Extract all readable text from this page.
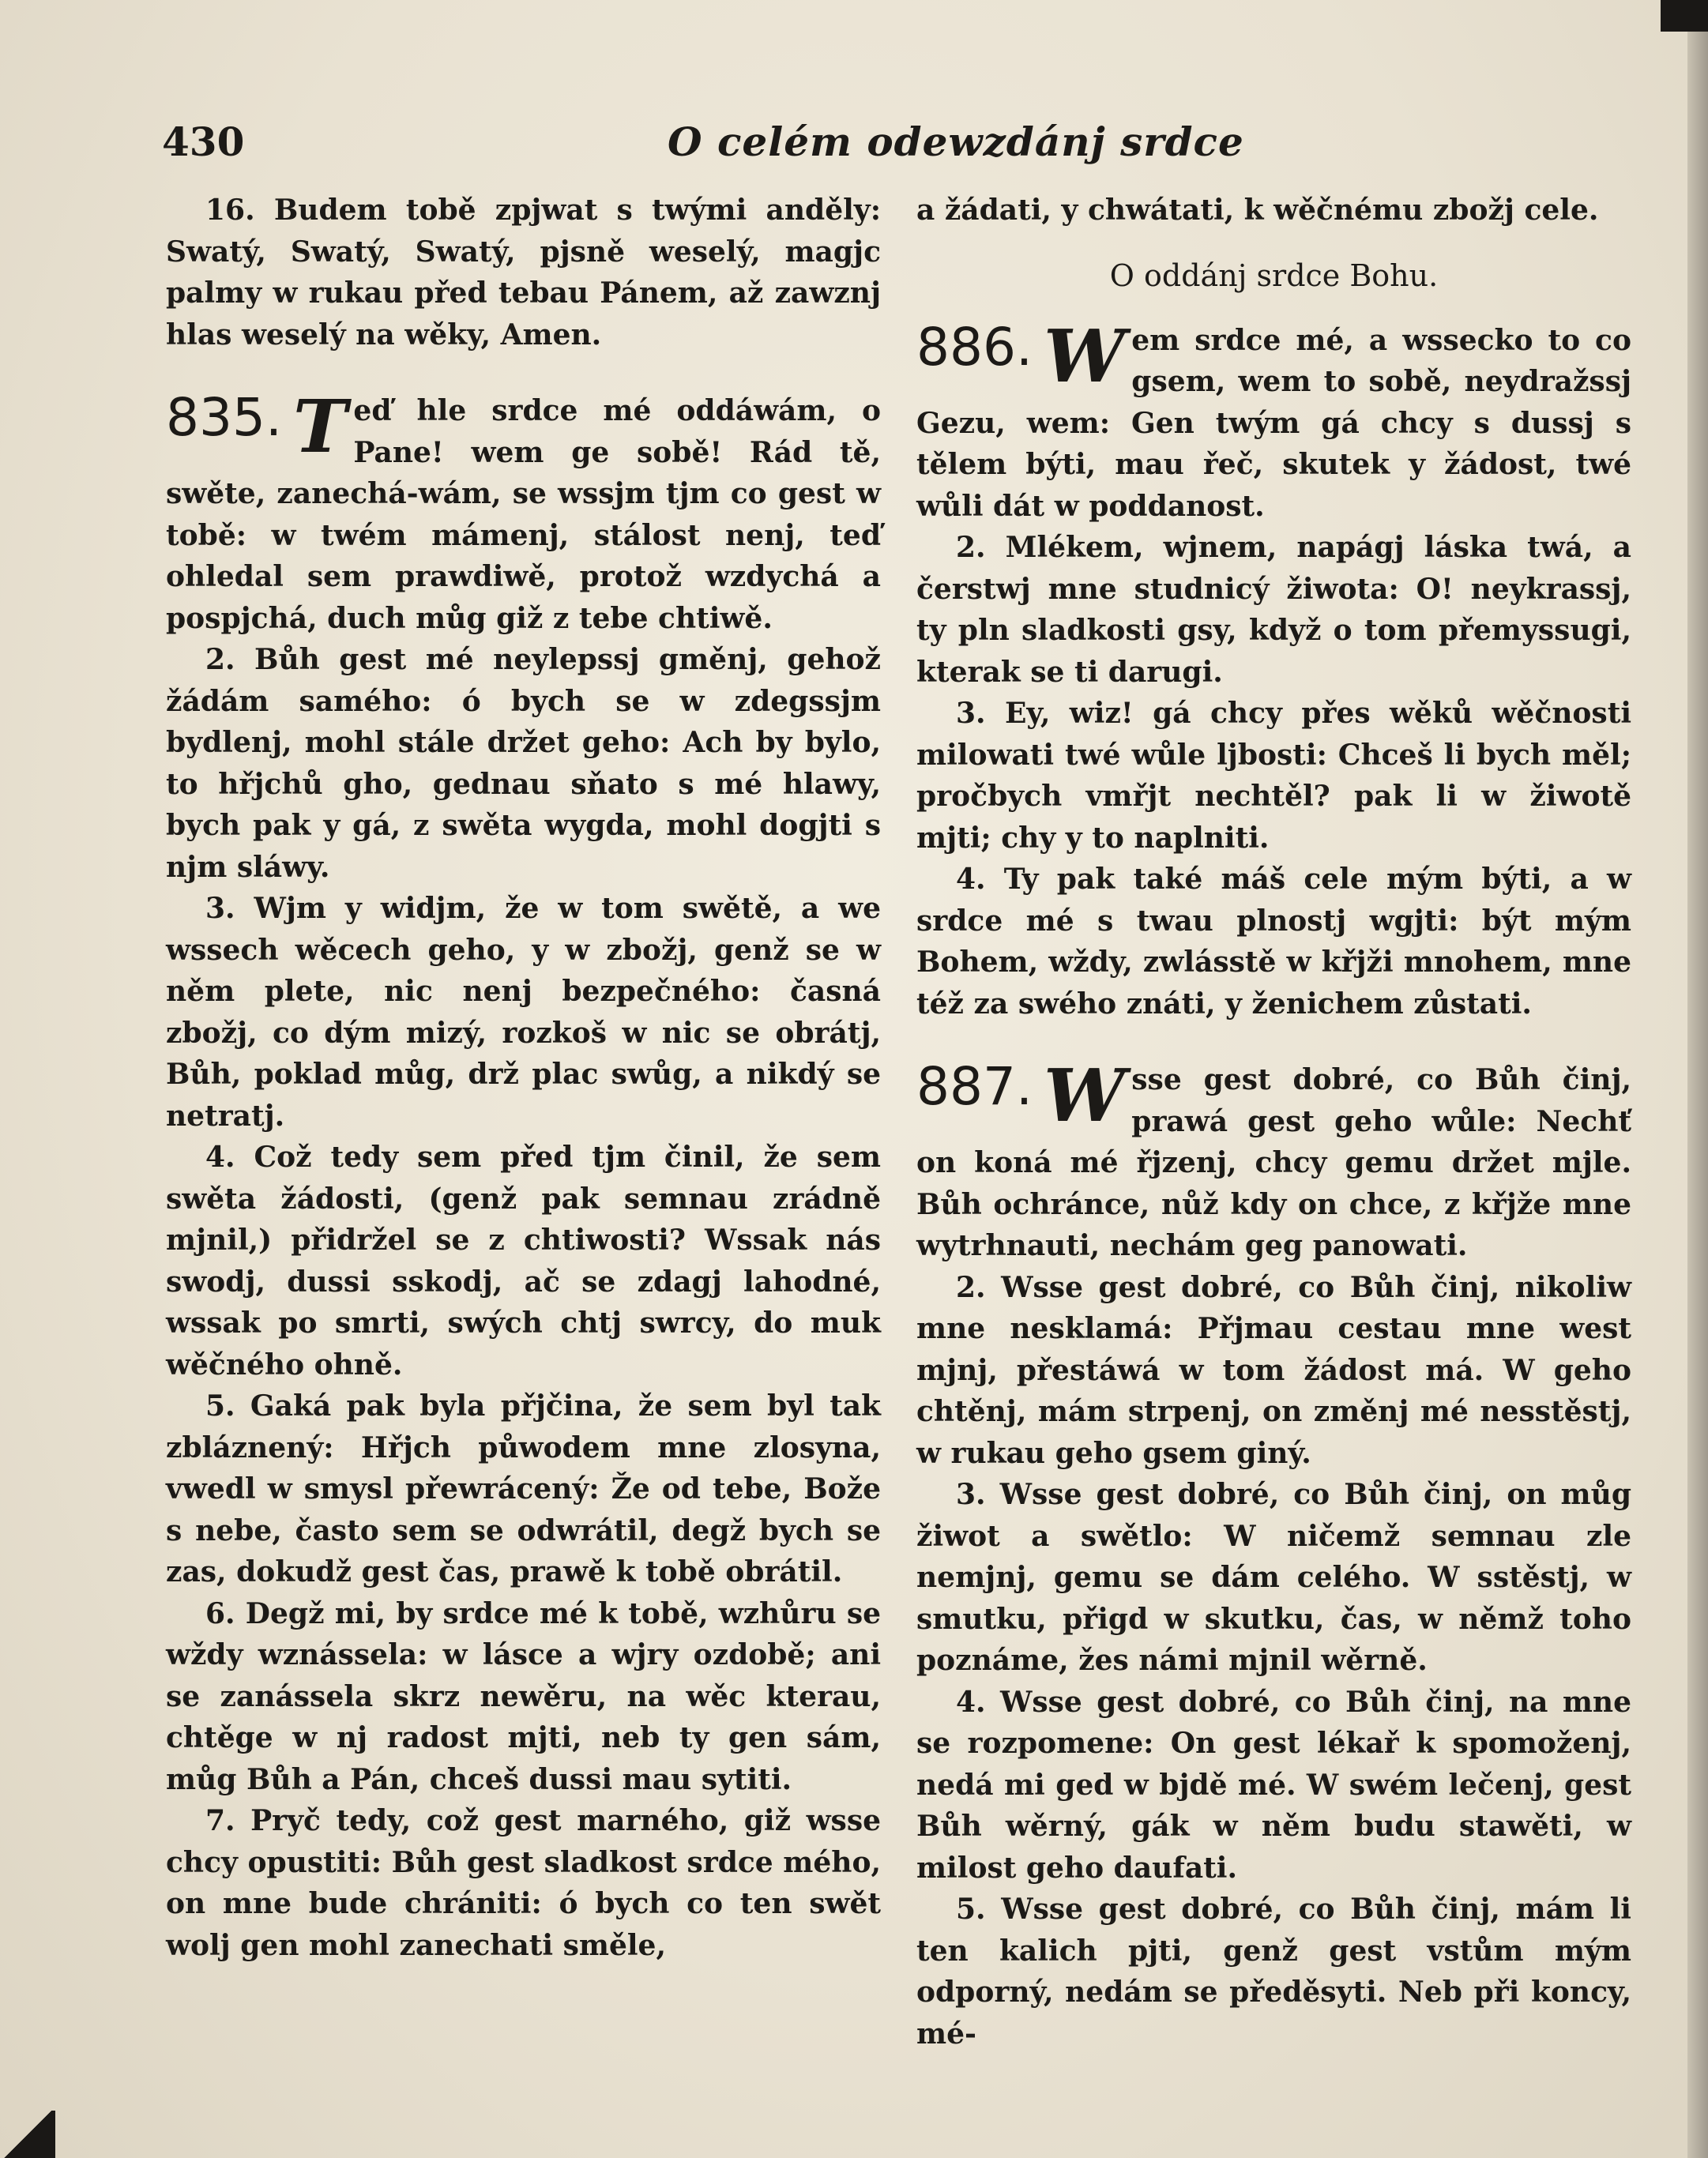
430	O celém odewzdánj srdce

16. Budem tobě zpjwat s twými anděly: Swatý, Swatý, Swatý, pjsně weselý, magjc palmy w rukau před tebau Pánem, až zawznj hlas weselý na wěky, Amen.

835. T eď hle srdce mé oddáwám, o Pane! wem ge sobě! Rád tě, swěte, zanechá-wám, se wssjm tjm co gest w tobě: w twém mámenj, stálost nenj, teď ohledal sem prawdiwě, protož wzdychá a pospjchá, duch můg giž z tebe chtiwě.

2. Bůh gest mé neylepssj gměnj, gehož žádám samého: ó bych se w zdegssjm bydlenj, mohl stále držet geho: Ach by bylo, to hřjchů gho, gednau sňato s mé hlawy, bych pak y gá, z swěta wygda, mohl dogjti s njm sláwy.

3. Wjm y widjm, že w tom swětě, a we wssech wěcech geho, y w zbožj, genž se w něm plete, nic nenj bezpečného: časná zbožj, co dým mizý, rozkoš w nic se obrátj, Bůh, poklad můg, drž plac swůg, a nikdý se netratj.

4. Což tedy sem před tjm činil, že sem swěta žádosti, (genž pak semnau zrádně mjnil,) přidržel se z chtiwosti? Wssak nás swodj, dussi sskodj, ač se zdagj lahodné, wssak po smrti, swých chtj swrcy, do muk wěčného ohně.

5. Gaká pak byla přjčina, že sem byl tak zbláznený: Hřjch půwodem mne zlosyna, vwedl w smysl přewrácený: Že od tebe, Bože s nebe, často sem se odwrátil, degž bych se zas, dokudž gest čas, prawě k tobě obrátil.

6. Degž mi, by srdce mé k tobě, wzhůru se wždy wznássela: w lásce a wjry ozdobě; ani se zanássela skrz newěru, na wěc kterau, chtěge w nj radost mjti, neb ty gen sám, můg Bůh a Pán, chceš dussi mau sytiti.

7. Pryč tedy, což gest marného, giž wsse chcy opustiti: Bůh gest sladkost srdce mého, on mne bude chrániti: ó bych co ten swět wolj gen mohl zanechati směle,

a žádati, y chwátati, k wěčnému zbožj cele.

O oddánj srdce Bohu.

886. W em srdce mé, a wssecko to co gsem, wem to sobě, neydražssj Gezu, wem: Gen twým gá chcy s dussj s tělem býti, mau řeč, skutek y žádost, twé wůli dát w poddanost.

2. Mlékem, wjnem, napágj láska twá, a čerstwj mne studnicý žiwota: O! neykrassj, ty pln sladkosti gsy, když o tom přemyssugi, kterak se ti darugi.

3. Ey, wiz! gá chcy přes wěků wěčnosti milowati twé wůle ljbosti: Chceš li bych měl; pročbych vmřjt nechtěl? pak li w žiwotě mjti; chy y to naplniti.

4. Ty pak také máš cele mým býti, a w srdce mé s twau plnostj wgjti: být mým Bohem, wždy, zwlásstě w křjži mnohem, mne též za swého znáti, y ženichem zůstati.

887. W sse gest dobré, co Bůh činj, prawá gest geho wůle: Nechť on koná mé řjzenj, chcy gemu držet mjle. Bůh ochránce, nůž kdy on chce, z křjže mne wytrhnauti, nechám geg panowati.

2. Wsse gest dobré, co Bůh činj, nikoliw mne nesklamá: Přjmau cestau mne west mjnj, přestáwá w tom žádost má. W geho chtěnj, mám strpenj, on změnj mé nesstěstj, w rukau geho gsem giný.

3. Wsse gest dobré, co Bůh činj, on můg žiwot a swětlo: W ničemž semnau zle nemjnj, gemu se dám celého. W sstěstj, w smutku, přigd w skutku, čas, w němž toho poznáme, žes námi mjnil wěrně.

4. Wsse gest dobré, co Bůh činj, na mne se rozpomene: On gest lékař k spomoženj, nedá mi ged w bjdě mé. W swém lečenj, gest Bůh wěrný, gák w něm budu stawěti, w milost geho daufati.

5. Wsse gest dobré, co Bůh činj, mám li ten kalich pjti, genž gest vstům mým odporný, nedám se předěsyti. Neb při koncy, mé-
